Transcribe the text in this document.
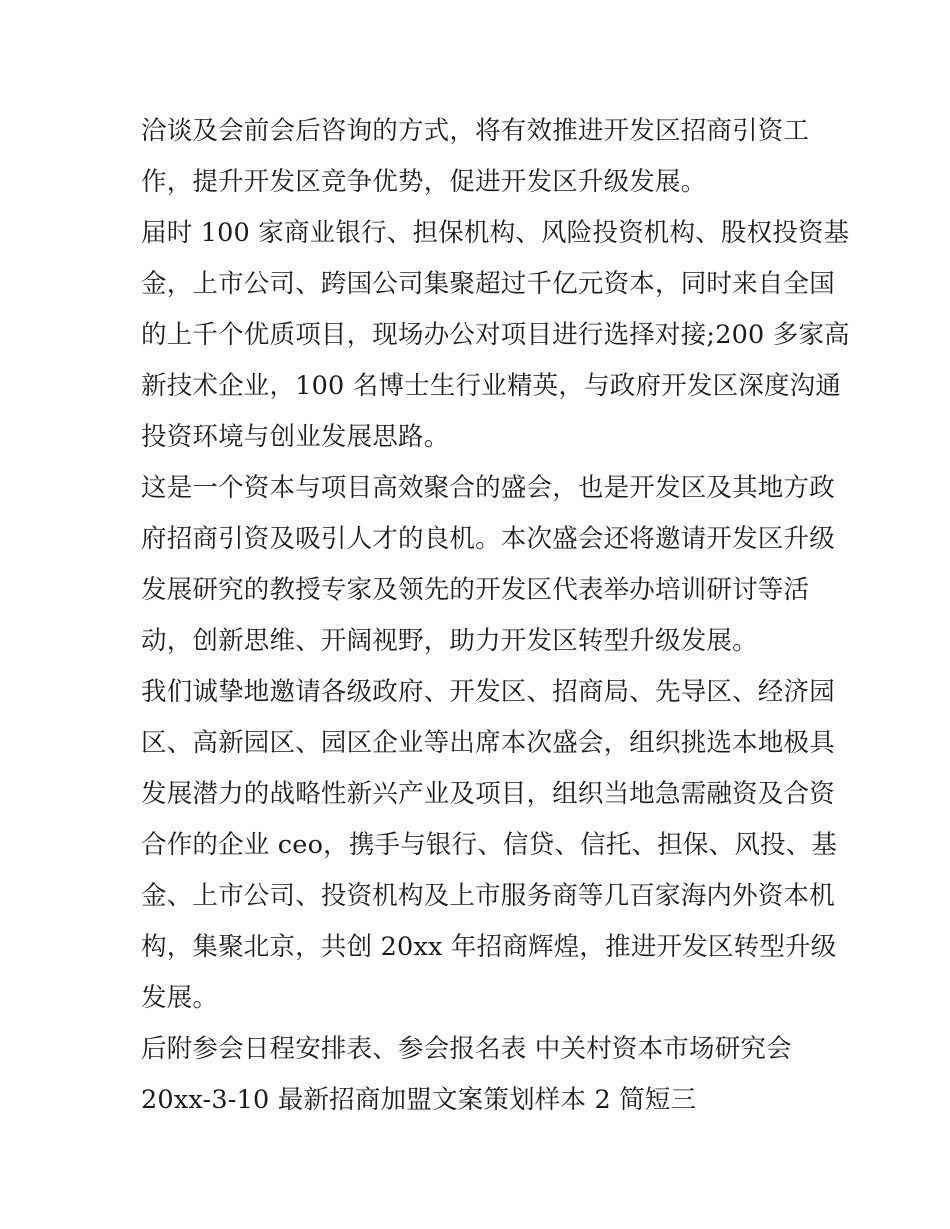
洽谈及会前会后咨询的方式，将有效推进开发区招商引资工
作，提升开发区竞争优势，促进开发区升级发展。

届时 100 家商业银行、担保机构、风险投资机构、股权投资基
金，上市公司、跨国公司集聚超过千亿元资本，同时来自全国
的上千个优质项目，现场办公对项目进行选择对接;200 多家高
新技术企业，100 名博士生行业精英，与政府开发区深度沟通
投资环境与创业发展思路。

这是一个资本与项目高效聚合的盛会，也是开发区及其地方政
府招商引资及吸引人才的良机。本次盛会还将邀请开发区升级
发展研究的教授专家及领先的开发区代表举办培训研讨等活
动，创新思维、开阔视野，助力开发区转型升级发展。

我们诚挚地邀请各级政府、开发区、招商局、先导区、经济园
区、高新园区、园区企业等出席本次盛会，组织挑选本地极具
发展潜力的战略性新兴产业及项目，组织当地急需融资及合资
合作的企业 ceo，携手与银行、信贷、信托、担保、风投、基
金、上市公司、投资机构及上市服务商等几百家海内外资本机
构，集聚北京，共创 20xx 年招商辉煌，推进开发区转型升级
发展。

后附参会日程安排表、参会报名表 中关村资本市场研究会

20xx-3-10 最新招商加盟文案策划样本 2 简短三
